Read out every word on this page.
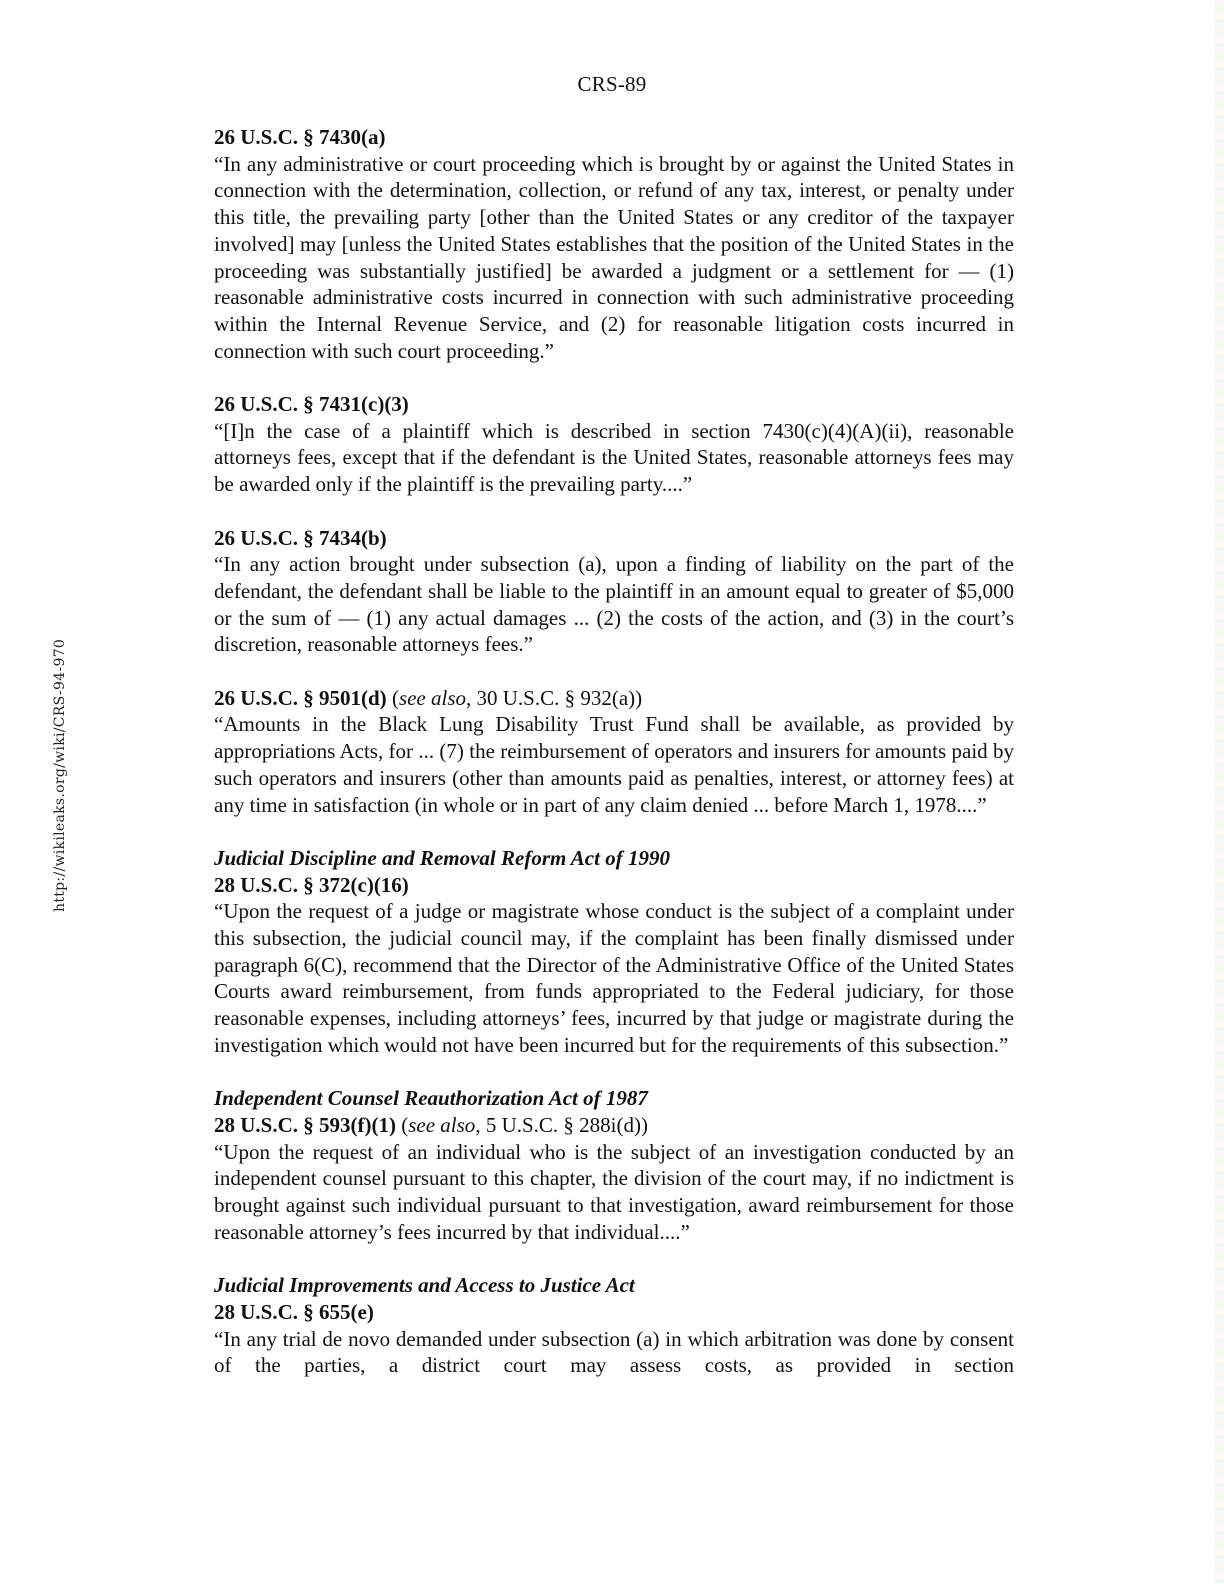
CRS-89
http://wikileaks.org/wiki/CRS-94-970
26 U.S.C. § 7430(a)
“In any administrative or court proceeding which is brought by or against the United States in connection with the determination, collection, or refund of any tax, interest, or penalty under this title, the prevailing party [other than the United States or any creditor of the taxpayer involved] may [unless the United States establishes that the position of the United States in the proceeding was substantially justified] be awarded a judgment or a settlement for — (1) reasonable administrative costs incurred in connection with such administrative proceeding within the Internal Revenue Service, and (2) for reasonable litigation costs incurred in connection with such court proceeding.”
26 U.S.C. § 7431(c)(3)
“[I]n the case of a plaintiff which is described in section 7430(c)(4)(A)(ii), reasonable attorneys fees, except that if the defendant is the United States, reasonable attorneys fees may be awarded only if the plaintiff is the prevailing party....”
26 U.S.C. § 7434(b)
“In any action brought under subsection (a), upon a finding of liability on the part of the defendant, the defendant shall be liable to the plaintiff in an amount equal to greater of $5,000 or the sum of — (1) any actual damages ... (2) the costs of the action, and (3) in the court’s discretion, reasonable attorneys fees.”
26 U.S.C. § 9501(d) (see also, 30 U.S.C. § 932(a))
“Amounts in the Black Lung Disability Trust Fund shall be available, as provided by appropriations Acts, for ... (7) the reimbursement of operators and insurers for amounts paid by such operators and insurers (other than amounts paid as penalties, interest, or attorney fees) at any time in satisfaction (in whole or in part of any claim denied ... before March 1, 1978....”
Judicial Discipline and Removal Reform Act of 1990
28 U.S.C. § 372(c)(16)
“Upon the request of a judge or magistrate whose conduct is the subject of a complaint under this subsection, the judicial council may, if the complaint has been finally dismissed under paragraph 6(C), recommend that the Director of the Administrative Office of the United States Courts award reimbursement, from funds appropriated to the Federal judiciary, for those reasonable expenses, including attorneys’ fees, incurred by that judge or magistrate during the investigation which would not have been incurred but for the requirements of this subsection.”
Independent Counsel Reauthorization Act of 1987
28 U.S.C. § 593(f)(1) (see also, 5 U.S.C. § 288i(d))
“Upon the request of an individual who is the subject of an investigation conducted by an independent counsel pursuant to this chapter, the division of the court may, if no indictment is brought against such individual pursuant to that investigation, award reimbursement for those reasonable attorney’s fees incurred by that individual....”
Judicial Improvements and Access to Justice Act
28 U.S.C. § 655(e)
“In any trial de novo demanded under subsection (a) in which arbitration was done by consent of the parties, a district court may assess costs, as provided in section
